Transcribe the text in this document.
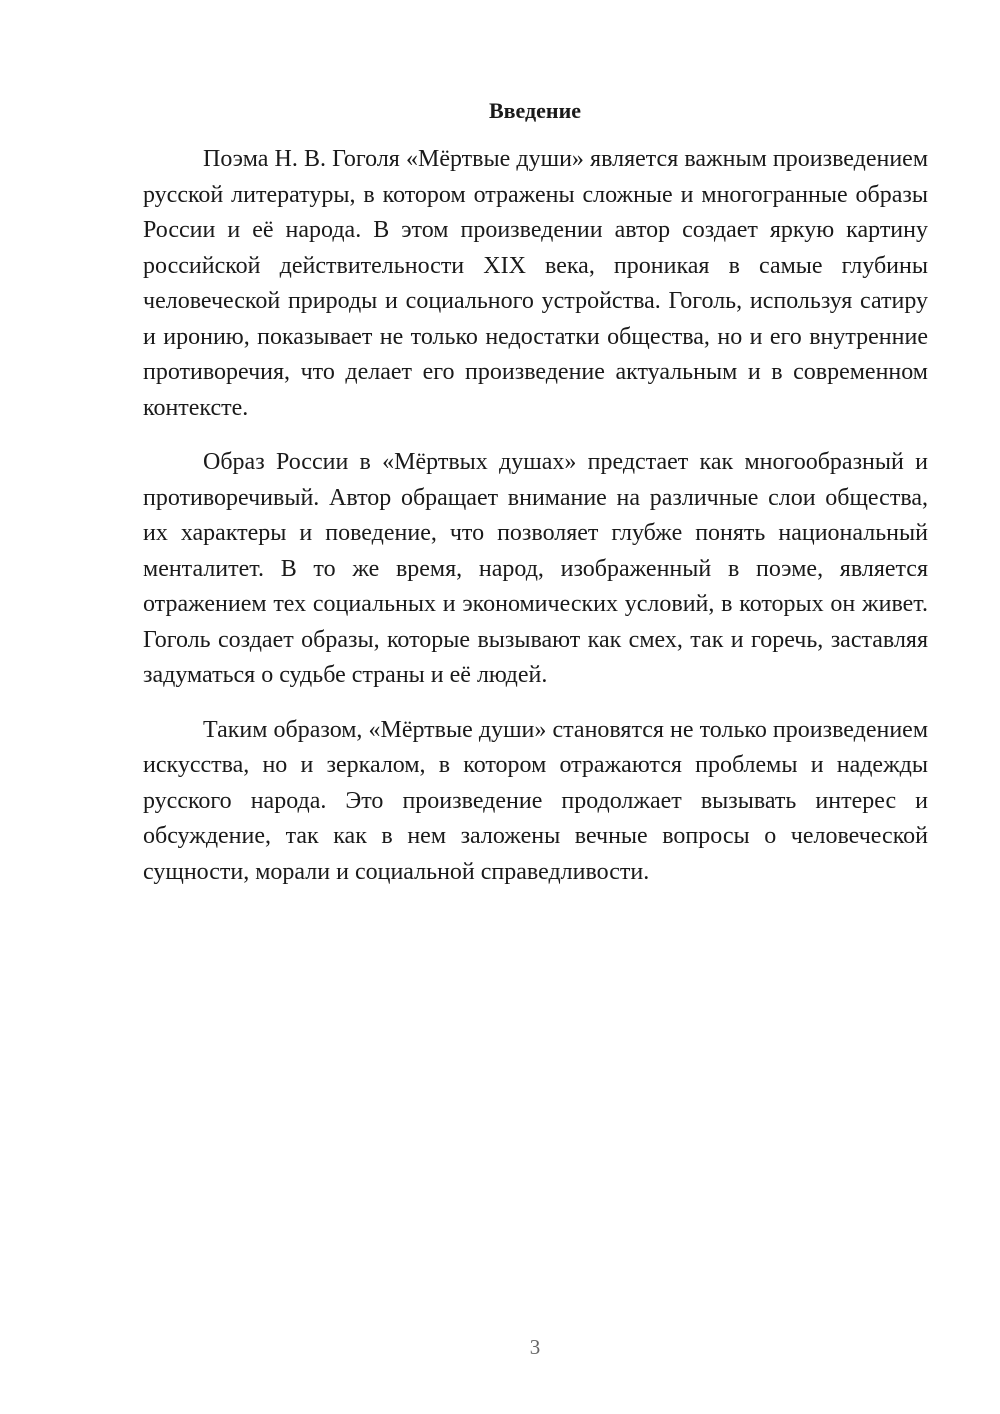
Введение

Поэма Н. В. Гоголя «Мёртвые души» является важным произведением русской литературы, в котором отражены сложные и многогранные образы России и её народа. В этом произведении автор создает яркую картину российской действительности XIX века, проникая в самые глубины человеческой природы и социального устройства. Гоголь, используя сатиру и иронию, показывает не только недостатки общества, но и его внутренние противоречия, что делает его произведение актуальным и в современном контексте.

Образ России в «Мёртвых душах» предстает как многообразный и противоречивый. Автор обращает внимание на различные слои общества, их характеры и поведение, что позволяет глубже понять национальный менталитет. В то же время, народ, изображенный в поэме, является отражением тех социальных и экономических условий, в которых он живет. Гоголь создает образы, которые вызывают как смех, так и горечь, заставляя задуматься о судьбе страны и её людей.

Таким образом, «Мёртвые души» становятся не только произведением искусства, но и зеркалом, в котором отражаются проблемы и надежды русского народа. Это произведение продолжает вызывать интерес и обсуждение, так как в нем заложены вечные вопросы о человеческой сущности, морали и социальной справедливости.

3
